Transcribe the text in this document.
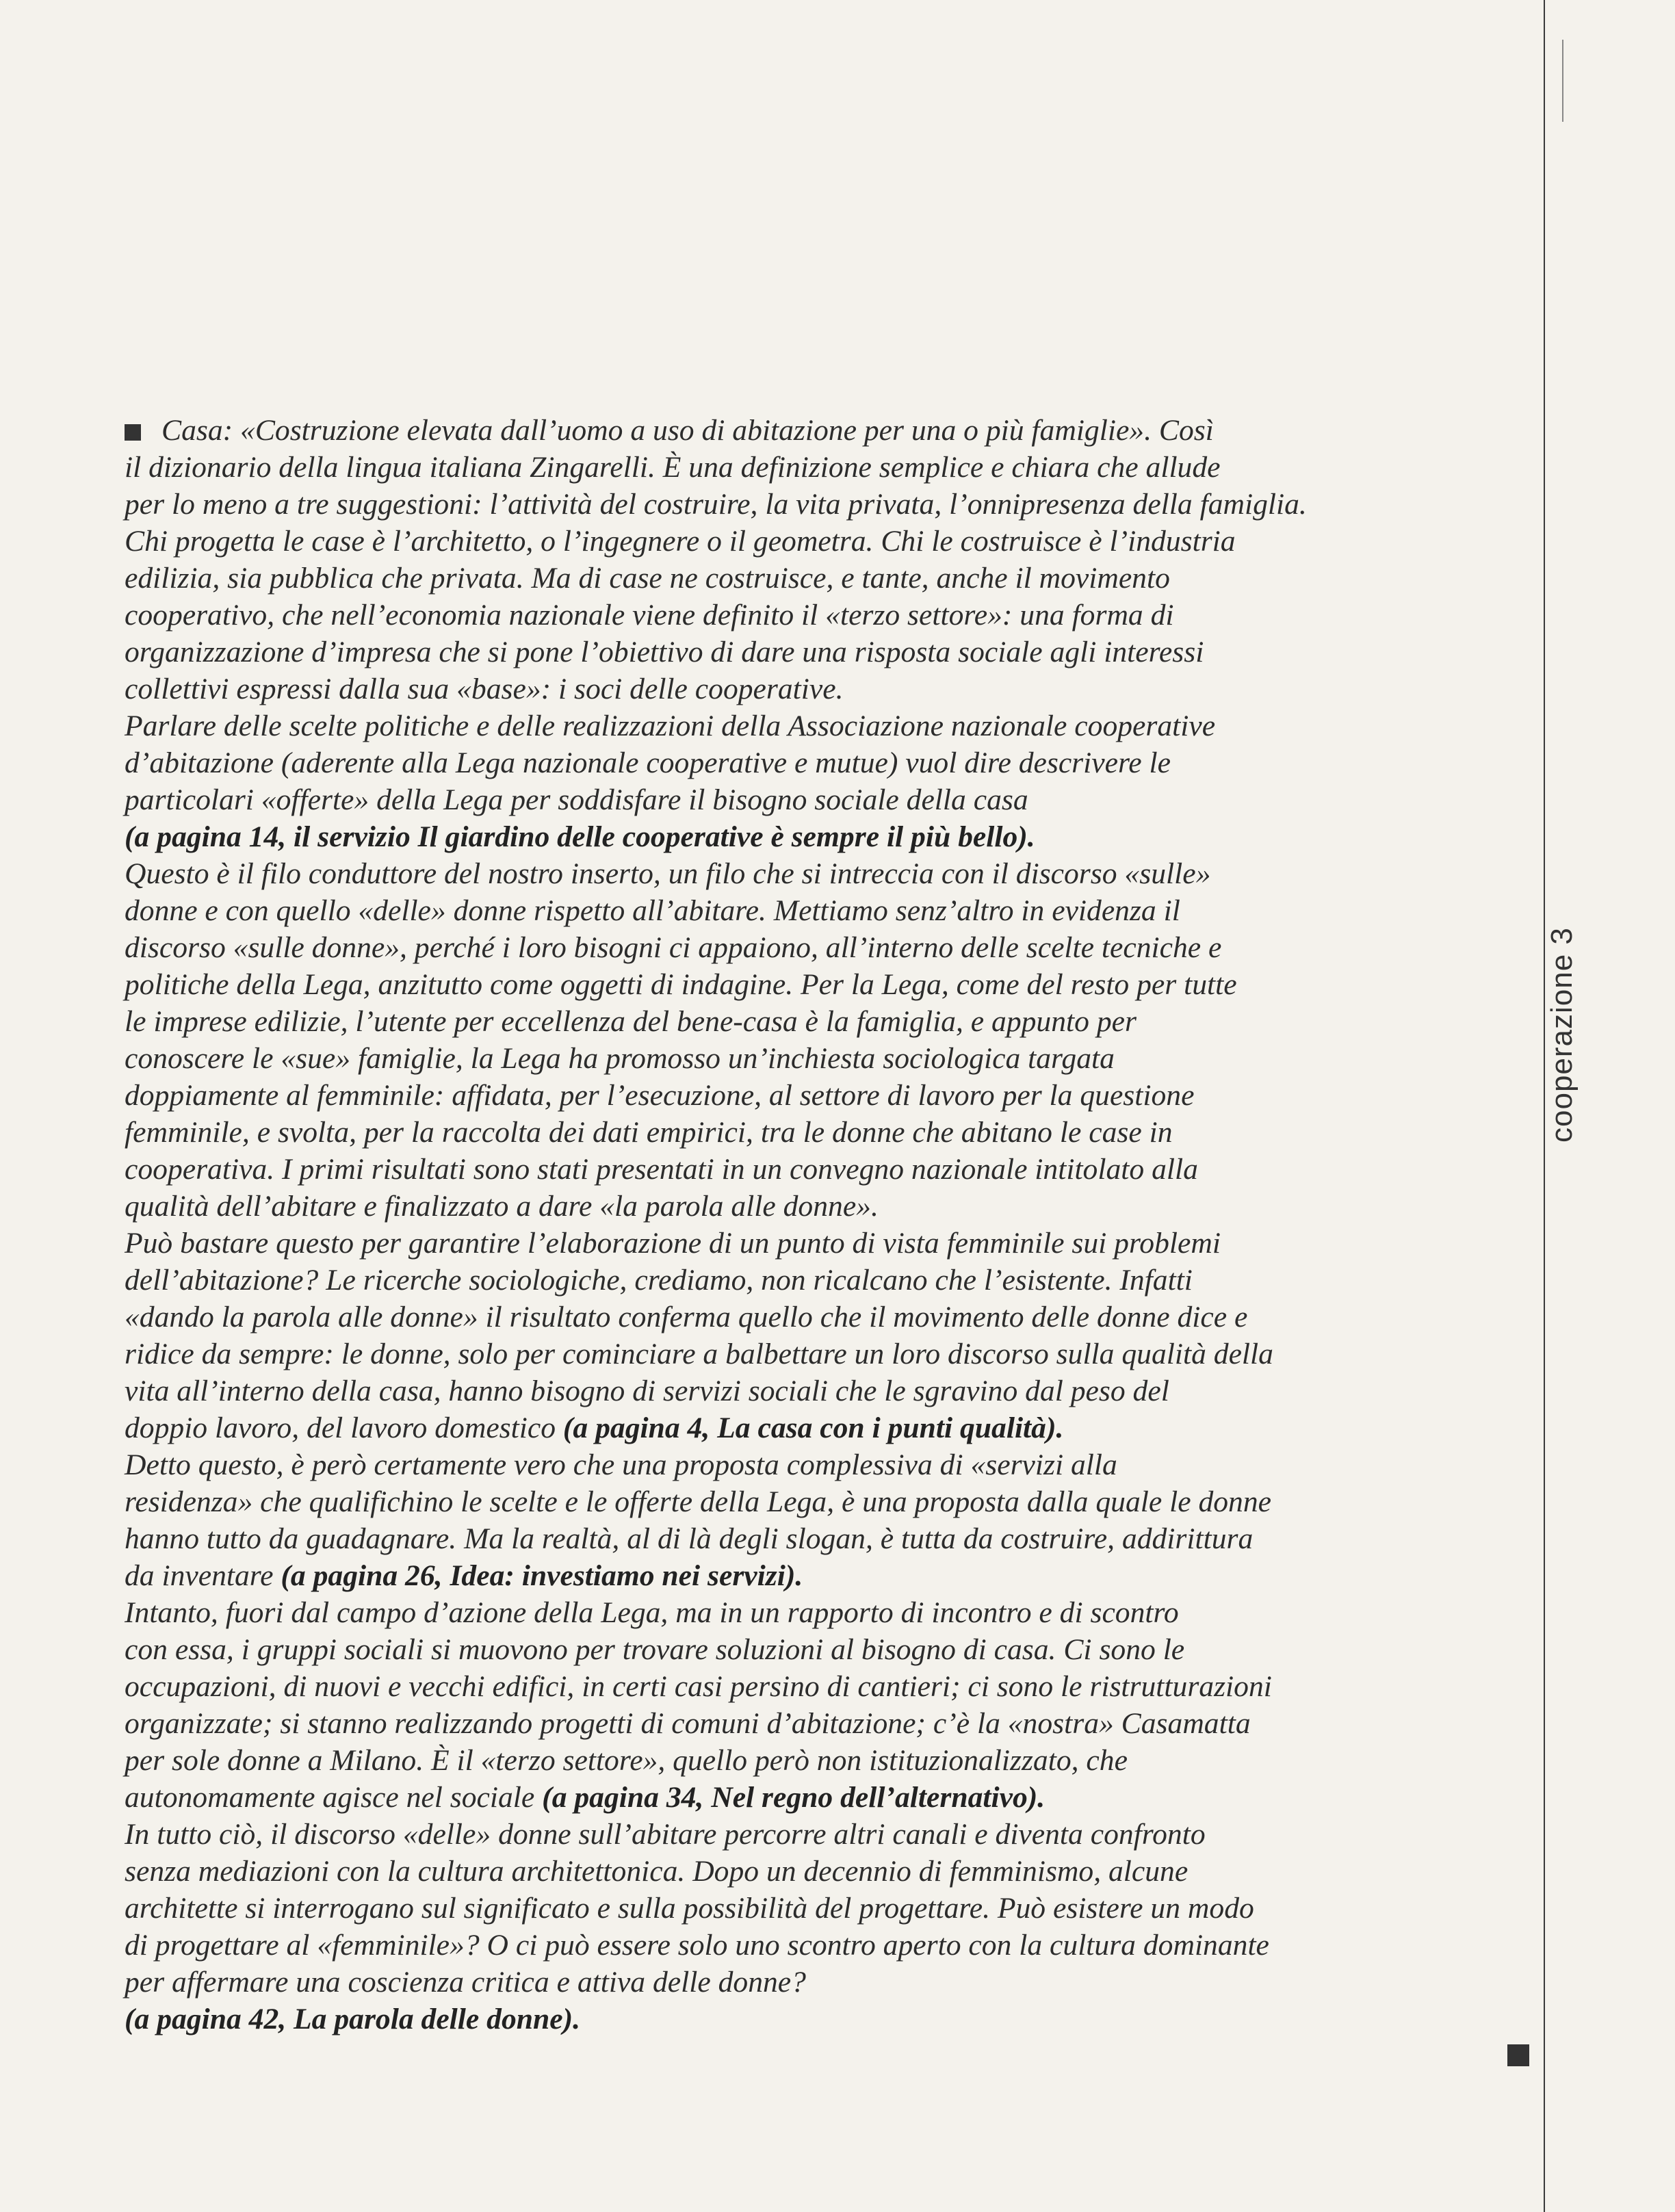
cooperazione 3
Casa: «Costruzione elevata dall’uomo a uso di abitazione per una o più famiglie». Così
il dizionario della lingua italiana Zingarelli. È una definizione semplice e chiara che allude
per lo meno a tre suggestioni: l’attività del costruire, la vita privata, l’onnipresenza della famiglia.
Chi progetta le case è l’architetto, o l’ingegnere o il geometra. Chi le costruisce è l’industria
edilizia, sia pubblica che privata. Ma di case ne costruisce, e tante, anche il movimento
cooperativo, che nell’economia nazionale viene definito il «terzo settore»: una forma di
organizzazione d’impresa che si pone l’obiettivo di dare una risposta sociale agli interessi
collettivi espressi dalla sua «base»: i soci delle cooperative.
Parlare delle scelte politiche e delle realizzazioni della Associazione nazionale cooperative
d’abitazione (aderente alla Lega nazionale cooperative e mutue) vuol dire descrivere le
particolari «offerte» della Lega per soddisfare il bisogno sociale della casa
(a pagina 14, il servizio Il giardino delle cooperative è sempre il più bello).
Questo è il filo conduttore del nostro inserto, un filo che si intreccia con il discorso «sulle»
donne e con quello «delle» donne rispetto all’abitare. Mettiamo senz’altro in evidenza il
discorso «sulle donne», perché i loro bisogni ci appaiono, all’interno delle scelte tecniche e
politiche della Lega, anzitutto come oggetti di indagine. Per la Lega, come del resto per tutte
le imprese edilizie, l’utente per eccellenza del bene-casa è la famiglia, e appunto per
conoscere le «sue» famiglie, la Lega ha promosso un’inchiesta sociologica targata
doppiamente al femminile: affidata, per l’esecuzione, al settore di lavoro per la questione
femminile, e svolta, per la raccolta dei dati empirici, tra le donne che abitano le case in
cooperativa. I primi risultati sono stati presentati in un convegno nazionale intitolato alla
qualità dell’abitare e finalizzato a dare «la parola alle donne».
Può bastare questo per garantire l’elaborazione di un punto di vista femminile sui problemi
dell’abitazione? Le ricerche sociologiche, crediamo, non ricalcano che l’esistente. Infatti
«dando la parola alle donne» il risultato conferma quello che il movimento delle donne dice e
ridice da sempre: le donne, solo per cominciare a balbettare un loro discorso sulla qualità della
vita all’interno della casa, hanno bisogno di servizi sociali che le sgravino dal peso del
doppio lavoro, del lavoro domestico (a pagina 4, La casa con i punti qualità).
Detto questo, è però certamente vero che una proposta complessiva di «servizi alla
residenza» che qualifichino le scelte e le offerte della Lega, è una proposta dalla quale le donne
hanno tutto da guadagnare. Ma la realtà, al di là degli slogan, è tutta da costruire, addirittura
da inventare (a pagina 26, Idea: investiamo nei servizi).
Intanto, fuori dal campo d’azione della Lega, ma in un rapporto di incontro e di scontro
con essa, i gruppi sociali si muovono per trovare soluzioni al bisogno di casa. Ci sono le
occupazioni, di nuovi e vecchi edifici, in certi casi persino di cantieri; ci sono le ristrutturazioni
organizzate; si stanno realizzando progetti di comuni d’abitazione; c’è la «nostra» Casamatta
per sole donne a Milano. È il «terzo settore», quello però non istituzionalizzato, che
autonomamente agisce nel sociale (a pagina 34, Nel regno dell’alternativo).
In tutto ciò, il discorso «delle» donne sull’abitare percorre altri canali e diventa confronto
senza mediazioni con la cultura architettonica. Dopo un decennio di femminismo, alcune
architette si interrogano sul significato e sulla possibilità del progettare. Può esistere un modo
di progettare al «femminile»? O ci può essere solo uno scontro aperto con la cultura dominante
per affermare una coscienza critica e attiva delle donne?
(a pagina 42, La parola delle donne).
